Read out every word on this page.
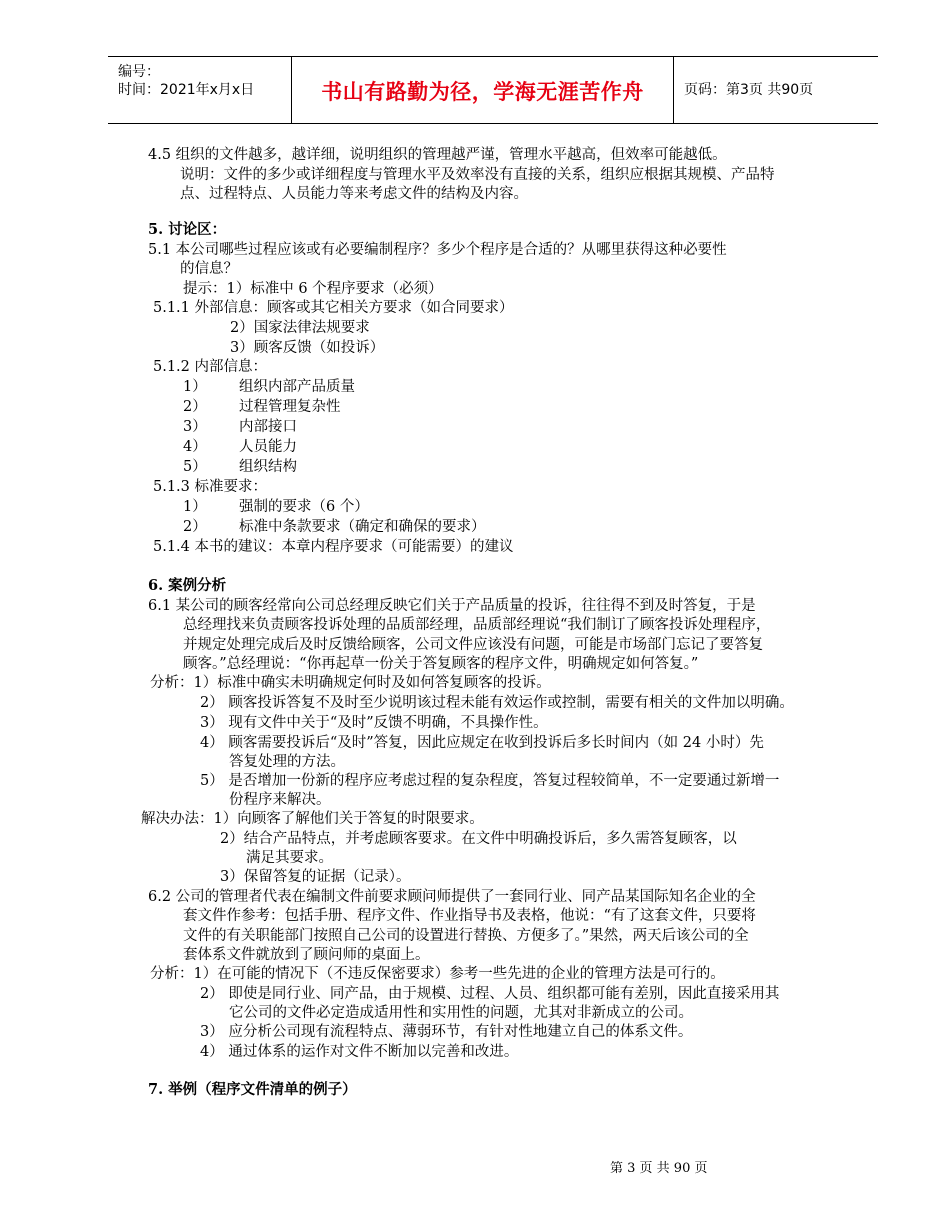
编号：
时间：2021年x月x日	书山有路勤为径，学海无涯苦作舟	页码：第3页 共90页
4.5 组织的文件越多，越详细，说明组织的管理越严谨，管理水平越高，但效率可能越低。
说明：文件的多少或详细程度与管理水平及效率没有直接的关系，组织应根据其规模、产品特
点、过程特点、人员能力等来考虑文件的结构及内容。
5. 讨论区：
5.1 本公司哪些过程应该或有必要编制程序？多少个程序是合适的？从哪里获得这种必要性
的信息？
提示：1）标准中 6 个程序要求（必须）
5.1.1 外部信息：顾客或其它相关方要求（如合同要求）
2）国家法律法规要求
3）顾客反馈（如投诉）
5.1.2 内部信息：
1） 组织内部产品质量
2） 过程管理复杂性
3） 内部接口
4） 人员能力
5） 组织结构
5.1.3 标准要求：
1） 强制的要求（6 个）
2） 标准中条款要求（确定和确保的要求）
5.1.4 本书的建议：本章内程序要求（可能需要）的建议
6. 案例分析
6.1 某公司的顾客经常向公司总经理反映它们关于产品质量的投诉，往往得不到及时答复，于是
总经理找来负责顾客投诉处理的品质部经理，品质部经理说“我们制订了顾客投诉处理程序，
并规定处理完成后及时反馈给顾客，公司文件应该没有问题，可能是市场部门忘记了要答复
顾客。”总经理说：“你再起草一份关于答复顾客的程序文件，明确规定如何答复。”
分析：1）标准中确实未明确规定何时及如何答复顾客的投诉。
2） 顾客投诉答复不及时至少说明该过程未能有效运作或控制，需要有相关的文件加以明确。
3） 现有文件中关于“及时”反馈不明确，不具操作性。
4） 顾客需要投诉后“及时”答复，因此应规定在收到投诉后多长时间内（如 24 小时）先
答复处理的方法。
5） 是否增加一份新的程序应考虑过程的复杂程度，答复过程较简单，不一定要通过新增一
份程序来解决。
解决办法：1）向顾客了解他们关于答复的时限要求。
2）结合产品特点，并考虑顾客要求。在文件中明确投诉后，多久需答复顾客，以
满足其要求。
3）保留答复的证据（记录）。
6.2 公司的管理者代表在编制文件前要求顾问师提供了一套同行业、同产品某国际知名企业的全
套文件作参考：包括手册、程序文件、作业指导书及表格，他说：“有了这套文件，只要将
文件的有关职能部门按照自己公司的设置进行替换、方便多了。”果然，两天后该公司的全
套体系文件就放到了顾问师的桌面上。
分析：1）在可能的情况下（不违反保密要求）参考一些先进的企业的管理方法是可行的。
2） 即使是同行业、同产品，由于规模、过程、人员、组织都可能有差别，因此直接采用其
它公司的文件必定造成适用性和实用性的问题，尤其对非新成立的公司。
3） 应分析公司现有流程特点、薄弱环节，有针对性地建立自己的体系文件。
4） 通过体系的运作对文件不断加以完善和改进。
7. 举例（程序文件清单的例子）
第 3 页 共 90 页
